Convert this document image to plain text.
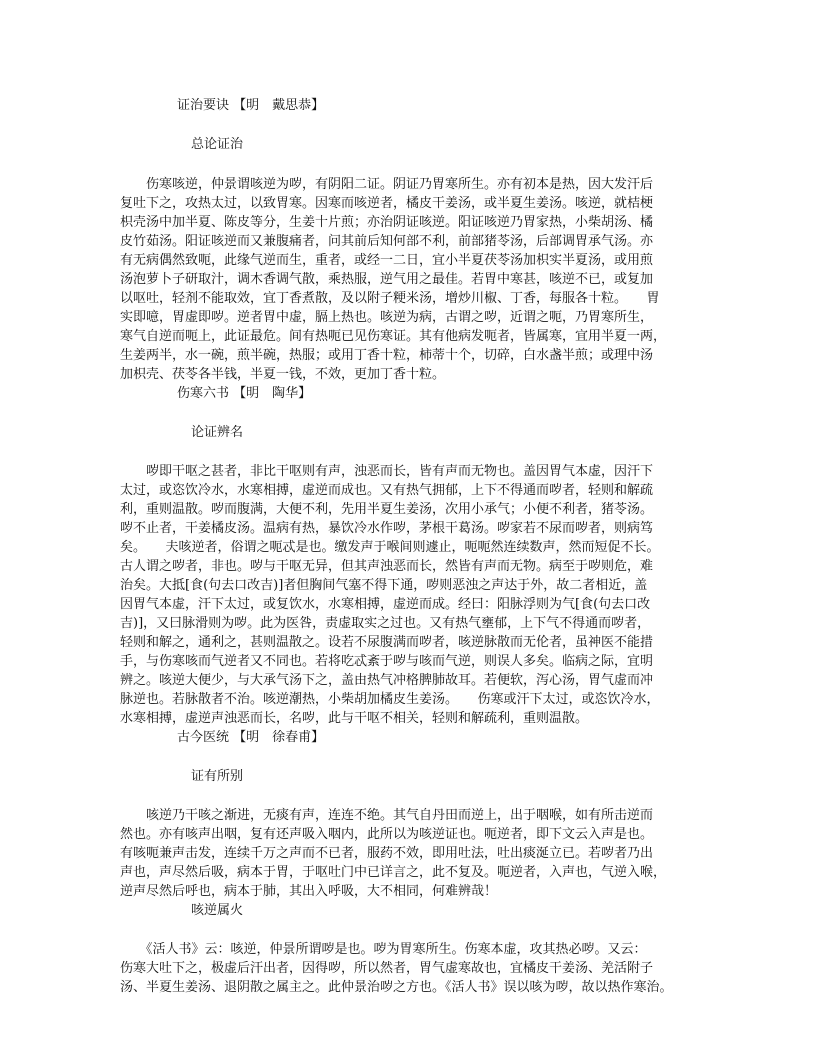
证治要诀 【明　戴思恭】
总论证治
　　伤寒咳逆，仲景谓咳逆为哕，有阴阳二证。阴证乃胃寒所生。亦有初本是热，因大发汗后
复吐下之，攻热太过，以致胃寒。因寒而咳逆者，橘皮干姜汤，或半夏生姜汤。咳逆，就桔梗
枳壳汤中加半夏、陈皮等分，生姜十片煎；亦治阴证咳逆。阳证咳逆乃胃家热，小柴胡汤、橘
皮竹茹汤。阳证咳逆而又兼腹痛者，问其前后知何部不利，前部猪苓汤，后部调胃承气汤。亦
有无病偶然致呃，此缘气逆而生，重者，或经一二日，宜小半夏茯苓汤加枳实半夏汤，或用煎
汤泡萝卜子研取汁，调木香调气散，乘热服，逆气用之最佳。若胃中寒甚，咳逆不已，或复加
以呕吐，轻剂不能取效，宜丁香煮散，及以附子粳米汤，增炒川椒、丁香，每服各十粒。　　胃
实即噫，胃虚即哕。逆者胃中虚，膈上热也。咳逆为病，古谓之哕，近谓之呃，乃胃寒所生，
寒气自逆而呃上，此证最危。间有热呃已见伤寒证。其有他病发呃者，皆属寒，宜用半夏一两，
生姜两半，水一碗，煎半碗，热服；或用丁香十粒，柿蒂十个，切碎，白水盏半煎；或理中汤
加枳壳、茯苓各半钱，半夏一钱，不效，更加丁香十粒。
伤寒六书 【明　陶华】
论证辨名
　　哕即干呕之甚者，非比干呕则有声，浊恶而长，皆有声而无物也。盖因胃气本虚，因汗下
太过，或恣饮冷水，水寒相搏，虚逆而成也。又有热气拥郁，上下不得通而哕者，轻则和解疏
利，重则温散。哕而腹满，大便不利，先用半夏生姜汤，次用小承气；小便不利者，猪苓汤。
哕不止者，干姜橘皮汤。温病有热，暴饮冷水作哕，茅根干葛汤。哕家若不尿而哕者，则病笃
矣。　　夫咳逆者，俗谓之呃忒是也。缴发声于喉间则遽止，呃呃然连续数声，然而短促不长。
古人谓之哕者，非也。哕与干呕无异，但其声浊恶而长，然皆有声而无物。病至于哕则危，难
治矣。大抵[食(句去口改吉)]者但胸间气塞不得下通，哕则恶浊之声达于外，故二者相近，盖
因胃气本虚，汗下太过，或复饮水，水寒相搏，虚逆而成。经曰：阳脉浮则为气[食(句去口改
吉)]，又曰脉滑则为哕。此为医咎，责虚取实之过也。又有热气壅郁，上下气不得通而哕者，
轻则和解之，通利之，甚则温散之。设若不尿腹满而哕者，咳逆脉散而无伦者，虽神医不能措
手，与伤寒咳而气逆者又不同也。若将吃忒紊于哕与咳而气逆，则误人多矣。临病之际，宜明
辨之。咳逆大便少，与大承气汤下之，盖由热气冲格脾肺故耳。若便软，泻心汤，胃气虚而冲
脉逆也。若脉散者不治。咳逆潮热，小柴胡加橘皮生姜汤。　　伤寒或汗下太过，或恣饮冷水，
水寒相搏，虚逆声浊恶而长，名哕，此与干呕不相关，轻则和解疏利，重则温散。
古今医统 【明　徐春甫】
证有所别
　　咳逆乃干咳之渐进，无痰有声，连连不绝。其气自丹田而逆上，出于咽喉，如有所击逆而
然也。亦有咳声出咽，复有还声吸入咽内，此所以为咳逆证也。呃逆者，即下文云入声是也。
有咳呃兼声击发，连续千万之声而不已者，服药不效，即用吐法，吐出痰涎立已。若哕者乃出
声也，声尽然后吸，病本于胃，于呕吐门中已详言之，此不复及。呃逆者，入声也，气逆入喉，
逆声尽然后呼也，病本于肺，其出入呼吸，大不相同，何难辨哉！
咳逆属火
　　《活人书》云：咳逆，仲景所谓哕是也。哕为胃寒所生。伤寒本虚，攻其热必哕。又云：
伤寒大吐下之，极虚后汗出者，因得哕，所以然者，胃气虚寒故也，宜橘皮干姜汤、羌活附子
汤、半夏生姜汤、退阴散之属主之。此仲景治哕之方也。《活人书》误以咳为哕，故以热作寒治。
